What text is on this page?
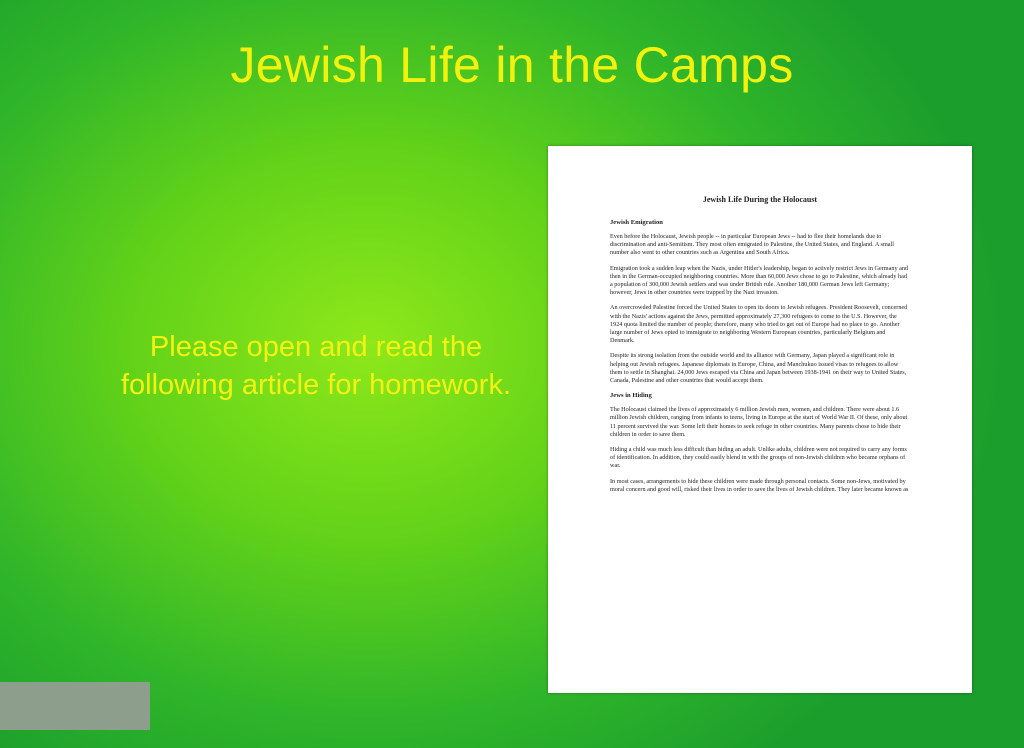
Jewish Life in the Camps
Please open and read the following article for homework.
Jewish Life During the Holocaust
Jewish Emigration
Even before the Holocaust, Jewish people -- in particular European Jews -- had to flee their homelands due to discrimination and anti-Semitism. They most often emigrated to Palestine, the United States, and England. A small number also went to other countries such as Argentina and South Africa.
Emigration took a sudden leap when the Nazis, under Hitler's leadership, began to actively restrict Jews in Germany and then in the German-occupied neighboring countries. More than 60,000 Jews chose to go to Palestine, which already had a population of 300,000 Jewish settlers and was under British rule. Another 180,000 German Jews left Germany; however, Jews in other countries were trapped by the Nazi invasion.
An overcrowded Palestine forced the United States to open its doors to Jewish refugees. President Roosevelt, concerned with the Nazis' actions against the Jews, permitted approximately 27,300 refugees to come to the U.S. However, the 1924 quota limited the number of people; therefore, many who tried to get out of Europe had no place to go. Another large number of Jews opted to immigrate to neighboring Western European countries, particularly Belgium and Denmark.
Despite its strong isolation from the outside world and its alliance with Germany, Japan played a significant role in helping out Jewish refugees. Japanese diplomats in Europe, China, and Manchukuo issued visas to refugees to allow them to settle in Shanghai. 24,000 Jews escaped via China and Japan between 1938-1941 on their way to United States, Canada, Palestine and other countries that would accept them.
Jews in Hiding
The Holocaust claimed the lives of approximately 6 million Jewish men, women, and children. There were about 1.6 million Jewish children, ranging from infants to teens, living in Europe at the start of World War II. Of these, only about 11 percent survived the war. Some left their homes to seek refuge in other countries. Many parents chose to hide their children in order to save them.
Hiding a child was much less difficult than hiding an adult. Unlike adults, children were not required to carry any forms of identification. In addition, they could easily blend in with the groups of non-Jewish children who became orphans of war.
In most cases, arrangements to hide these children were made through personal contacts. Some non-Jews, motivated by moral concern and good will, risked their lives in order to save the lives of Jewish children. They later became known as
